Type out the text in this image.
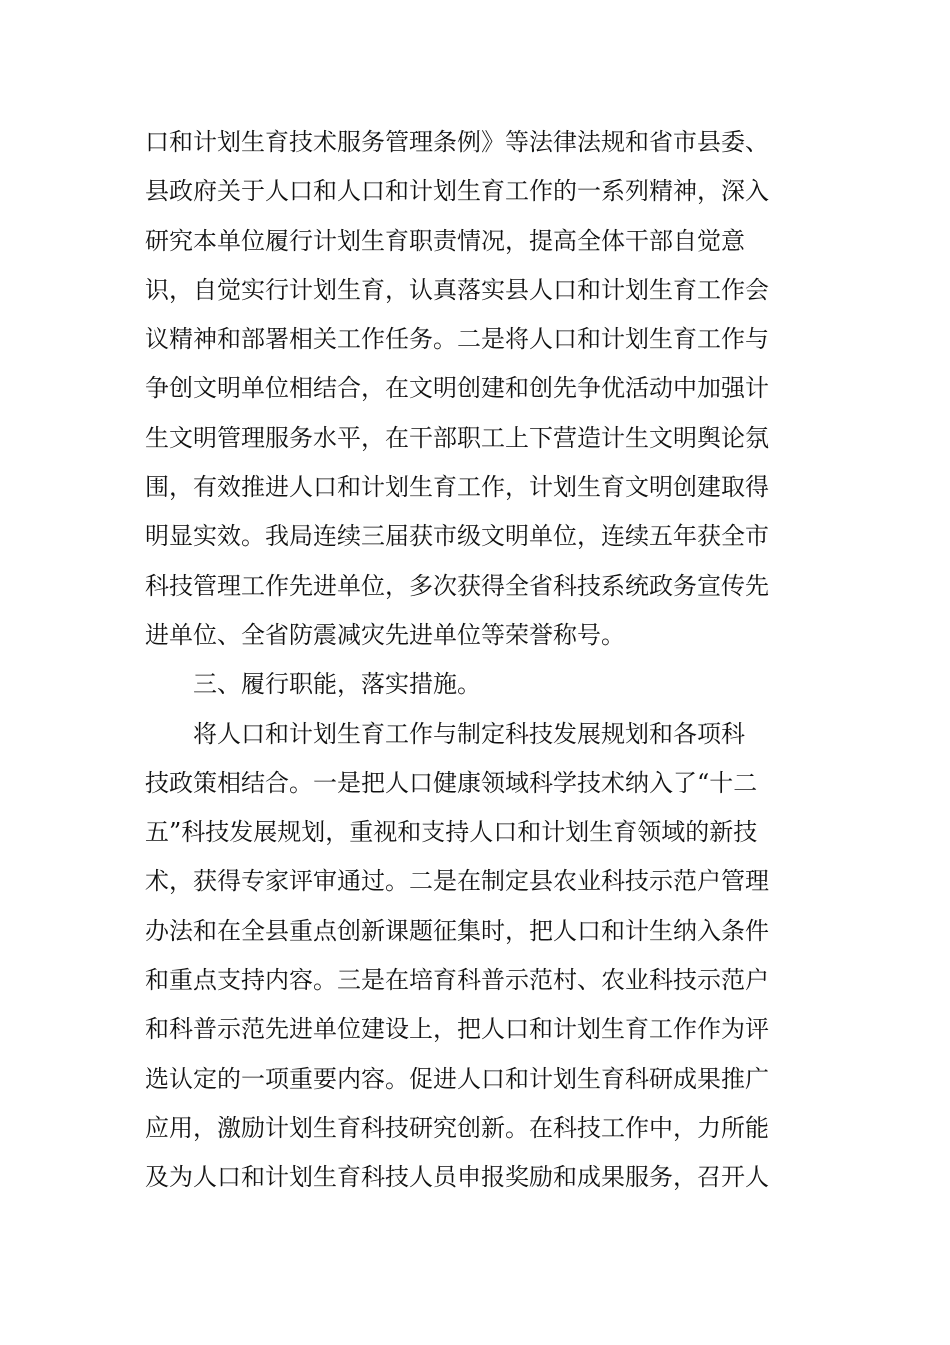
口和计划生育技术服务管理条例》等法律法规和省市县委、
县政府关于人口和人口和计划生育工作的一系列精神，深入
研究本单位履行计划生育职责情况，提高全体干部自觉意
识，自觉实行计划生育，认真落实县人口和计划生育工作会
议精神和部署相关工作任务。二是将人口和计划生育工作与
争创文明单位相结合，在文明创建和创先争优活动中加强计
生文明管理服务水平，在干部职工上下营造计生文明舆论氛
围，有效推进人口和计划生育工作，计划生育文明创建取得
明显实效。我局连续三届获市级文明单位，连续五年获全市
科技管理工作先进单位，多次获得全省科技系统政务宣传先
进单位、全省防震减灾先进单位等荣誉称号。
三、履行职能，落实措施。
将人口和计划生育工作与制定科技发展规划和各项科
技政策相结合。一是把人口健康领域科学技术纳入了“十二
五”科技发展规划，重视和支持人口和计划生育领域的新技
术，获得专家评审通过。二是在制定县农业科技示范户管理
办法和在全县重点创新课题征集时，把人口和计生纳入条件
和重点支持内容。三是在培育科普示范村、农业科技示范户
和科普示范先进单位建设上，把人口和计划生育工作作为评
选认定的一项重要内容。促进人口和计划生育科研成果推广
应用，激励计划生育科技研究创新。在科技工作中，力所能
及为人口和计划生育科技人员申报奖励和成果服务，召开人
